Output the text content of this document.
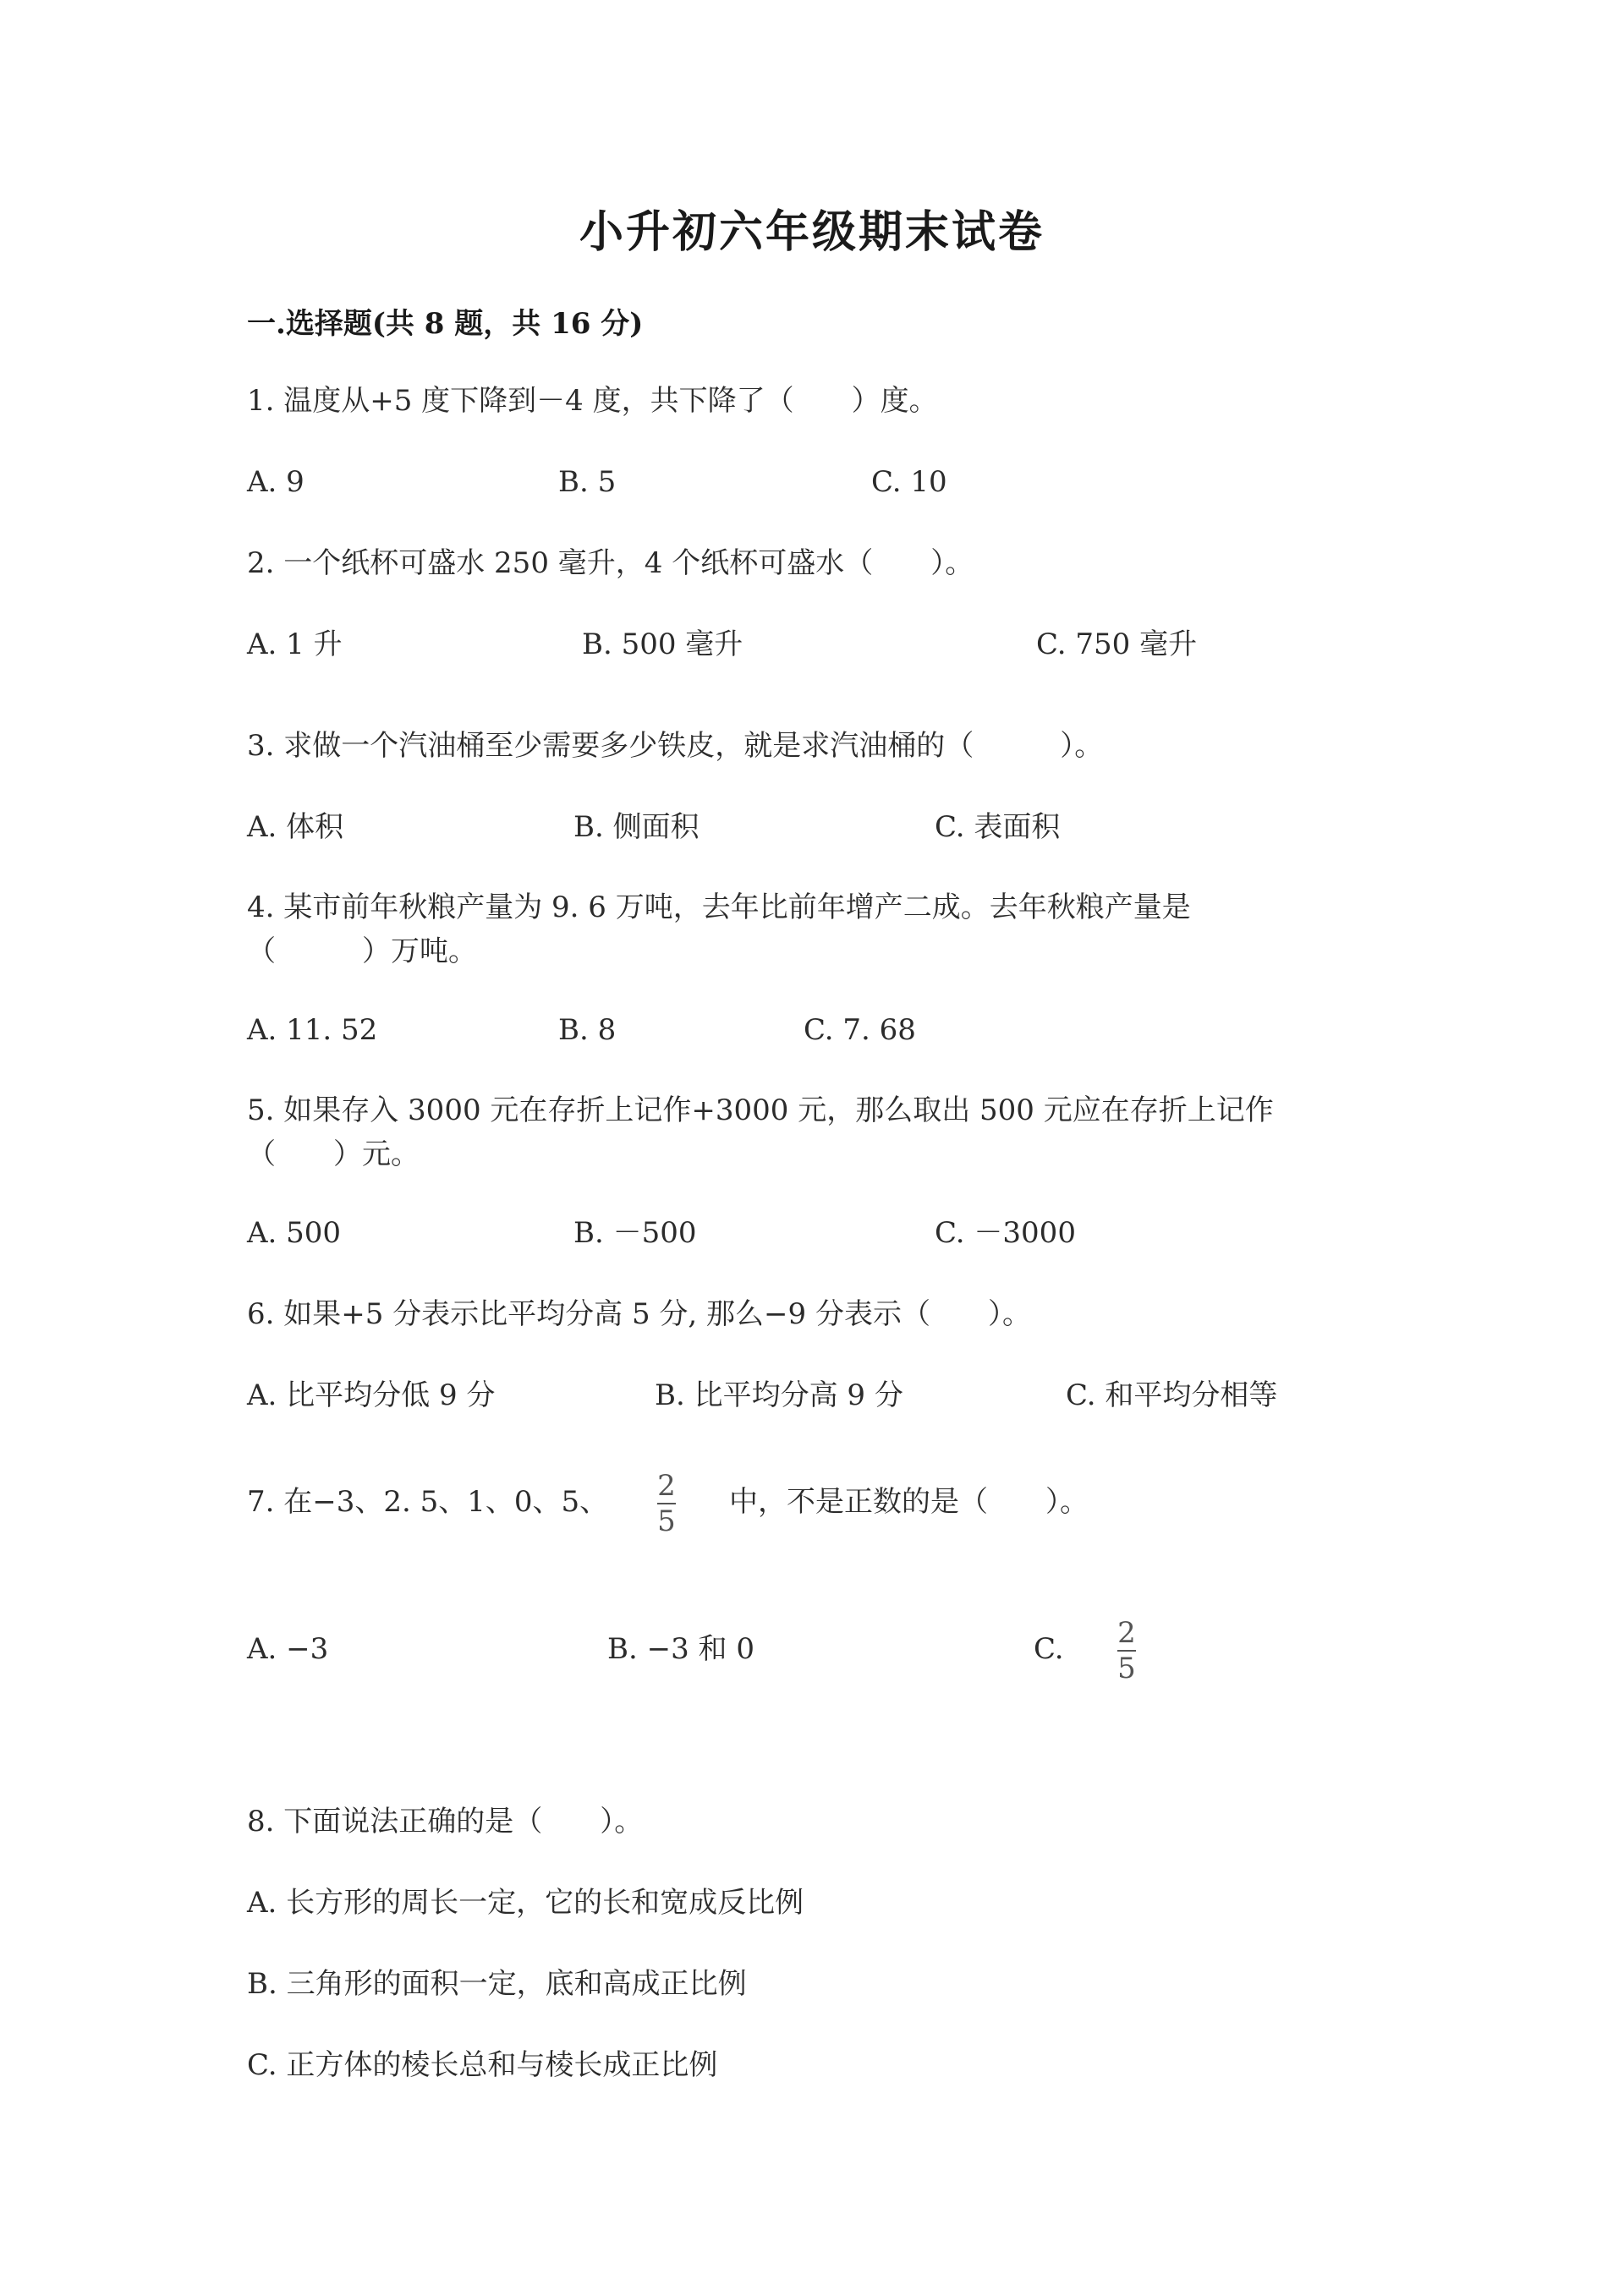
小升初六年级期末试卷
一.选择题(共 8 题，共 16 分)
1. 温度从+5 度下降到－4 度，共下降了（　　）度。
A. 9	B. 5	C. 10
2. 一个纸杯可盛水 250 毫升，4 个纸杯可盛水（　　）。
A. 1 升	B. 500 毫升	C. 750 毫升
3. 求做一个汽油桶至少需要多少铁皮，就是求汽油桶的（　　　）。
A. 体积	B. 侧面积	C. 表面积
4. 某市前年秋粮产量为 9. 6 万吨，去年比前年增产二成。去年秋粮产量是
（　　　）万吨。
A. 11. 52	B. 8	C. 7. 68
5. 如果存入 3000 元在存折上记作+3000 元，那么取出 500 元应在存折上记作
（　　）元。
A. 500	B. －500	C. －3000
6. 如果+5 分表示比平均分高 5 分, 那么−9 分表示（　　）。
A. 比平均分低 9 分	B. 比平均分高 9 分	C. 和平均分相等
7. 在−3、2. 5、1、0、5、 2
5
中，不是正数的是（　　）。
A. −3	B. −3 和 0	C. 2
5
8. 下面说法正确的是（　　）。
A. 长方形的周长一定，它的长和宽成反比例
B. 三角形的面积一定，底和高成正比例
C. 正方体的棱长总和与棱长成正比例
